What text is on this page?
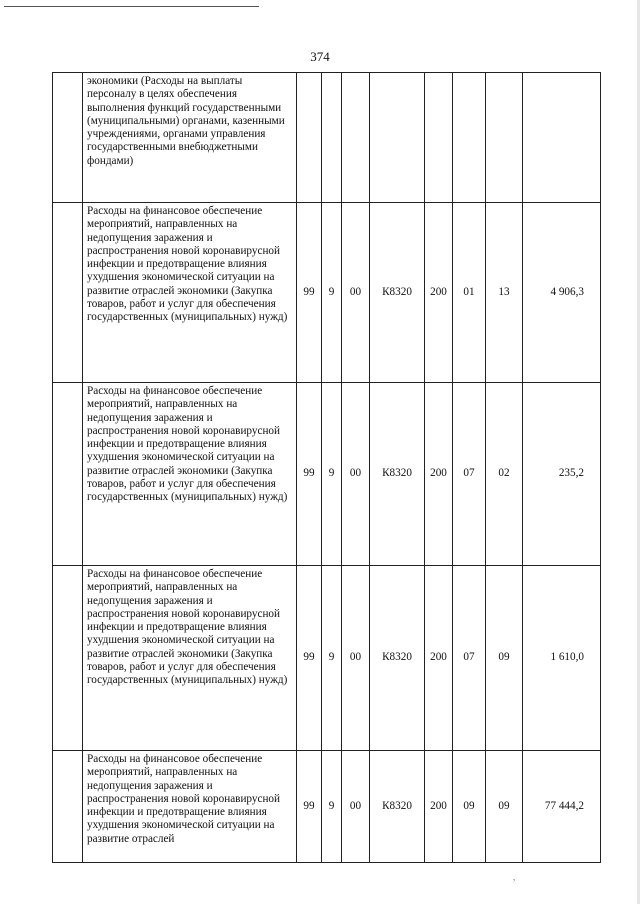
374
	экономики (Расходы на выплаты персоналу в целях обеспечения выполнения функций государственными (муниципальными) органами, казенными учреждениями, органами управления государственными внебюджетными фондами)								
	Расходы на финансовое обеспечение мероприятий, направленных на недопущения заражения и распространения новой коронавирусной инфекции и предотвращение влияния ухудшения экономической ситуации на развитие отраслей экономики (Закупка товаров, работ и услуг для обеспечения государственных (муниципальных) нужд)	99	9	00	К8320	200	01	13	4 906,3
	Расходы на финансовое обеспечение мероприятий, направленных на недопущения заражения и распространения новой коронавирусной инфекции и предотвращение влияния ухудшения экономической ситуации на развитие отраслей экономики (Закупка товаров, работ и услуг для обеспечения государственных (муниципальных) нужд)	99	9	00	К8320	200	07	02	235,2
	Расходы на финансовое обеспечение мероприятий, направленных на недопущения заражения и распространения новой коронавирусной инфекции и предотвращение влияния ухудшения экономической ситуации на развитие отраслей экономики (Закупка товаров, работ и услуг для обеспечения государственных (муниципальных) нужд)	99	9	00	К8320	200	07	09	1 610,0
	Расходы на финансовое обеспечение мероприятий, направленных на недопущения заражения и распространения новой коронавирусной инфекции и предотвращение влияния ухудшения экономической ситуации на развитие отраслей	99	9	00	К8320	200	09	09	77 444,2
,
